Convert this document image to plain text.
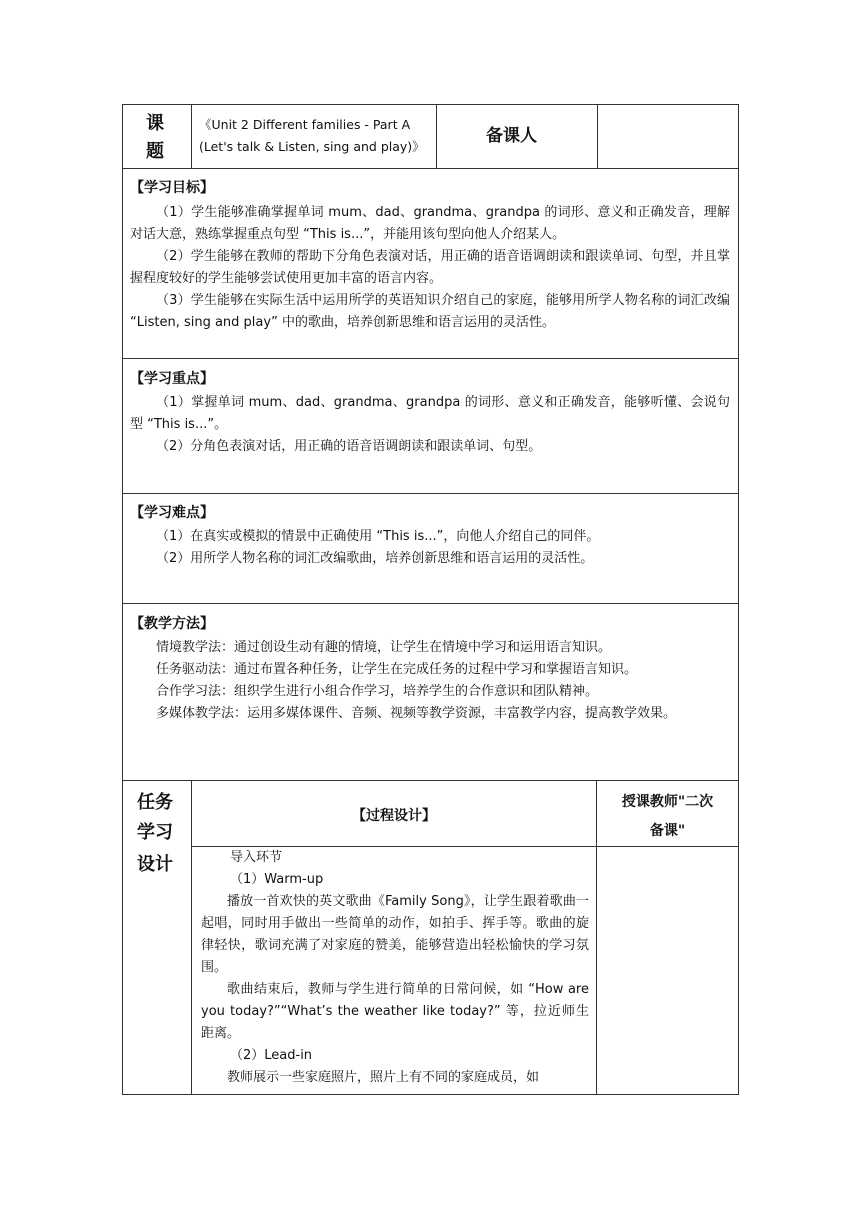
课
题
《Unit 2 Different families - Part A
(Let's talk & Listen, sing and play)》
备课人
【学习目标】
（1）学生能够准确掌握单词 mum、dad、grandma、grandpa 的词形、意义和正确发音，理解对话大意，熟练掌握重点句型 “This is...”，并能用该句型向他人介绍某人。
（2）学生能够在教师的帮助下分角色表演对话，用正确的语音语调朗读和跟读单词、句型，并且掌握程度较好的学生能够尝试使用更加丰富的语言内容。
（3）学生能够在实际生活中运用所学的英语知识介绍自己的家庭，能够用所学人物名称的词汇改编 “Listen, sing and play” 中的歌曲，培养创新思维和语言运用的灵活性。
【学习重点】
（1）掌握单词 mum、dad、grandma、grandpa 的词形、意义和正确发音，能够听懂、会说句型 “This is...”。
（2）分角色表演对话，用正确的语音语调朗读和跟读单词、句型。
【学习难点】
（1）在真实或模拟的情景中正确使用 “This is...”，向他人介绍自己的同伴。
（2）用所学人物名称的词汇改编歌曲，培养创新思维和语言运用的灵活性。
【教学方法】
情境教学法：通过创设生动有趣的情境，让学生在情境中学习和运用语言知识。
任务驱动法：通过布置各种任务，让学生在完成任务的过程中学习和掌握语言知识。
合作学习法：组织学生进行小组合作学习，培养学生的合作意识和团队精神。
多媒体教学法：运用多媒体课件、音频、视频等教学资源，丰富教学内容，提高教学效果。
任务
学习
设计
【过程设计】
授课教师"二次
备课"
导入环节
（1）Warm-up
播放一首欢快的英文歌曲《Family Song》，让学生跟着歌曲一起唱，同时用手做出一些简单的动作，如拍手、挥手等。歌曲的旋律轻快，歌词充满了对家庭的赞美，能够营造出轻松愉快的学习氛围。
歌曲结束后，教师与学生进行简单的日常问候，如 “How are you today?”“What’s the weather like today?” 等，拉近师生距离。
（2）Lead-in
教师展示一些家庭照片，照片上有不同的家庭成员，如
